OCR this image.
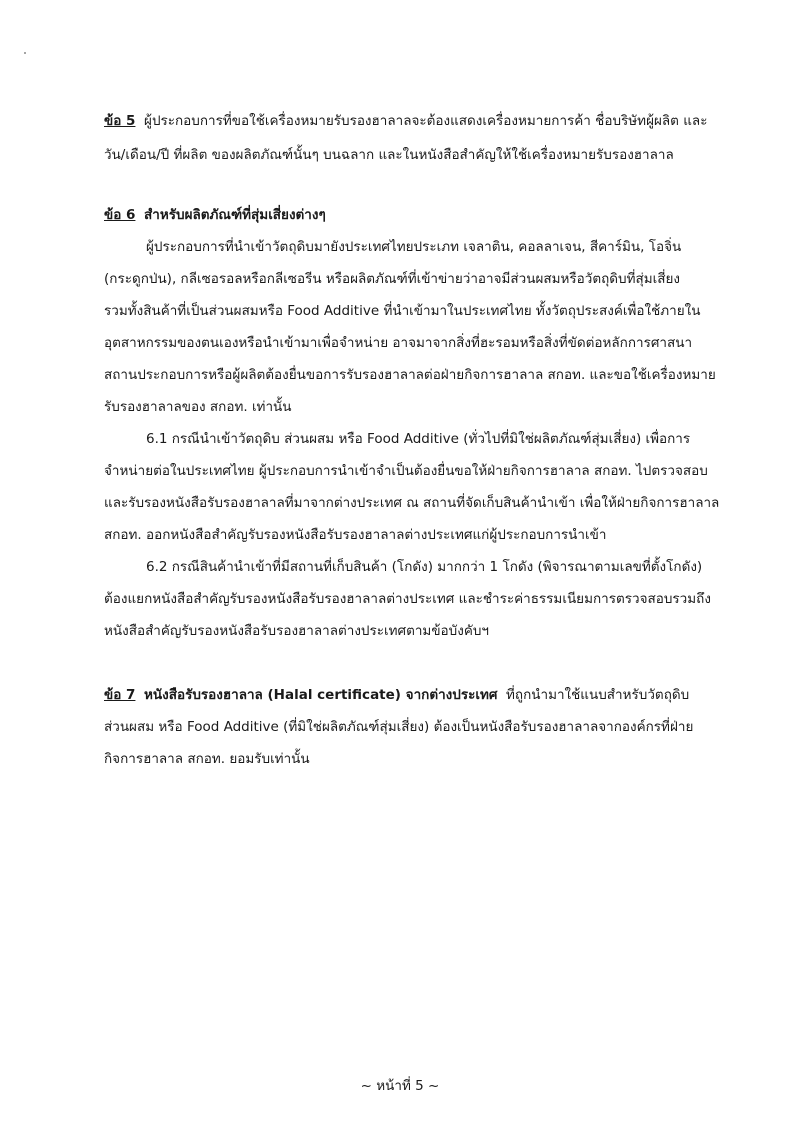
ข้อ 5 ผู้ประกอบการที่ขอใช้เครื่องหมายรับรองฮาลาลจะต้องแสดงเครื่องหมายการค้า ชื่อบริษัทผู้ผลิต และ
วัน/เดือน/ปี ที่ผลิต ของผลิตภัณฑ์นั้นๆ บนฉลาก และในหนังสือสำคัญให้ใช้เครื่องหมายรับรองฮาลาล
ข้อ 6 สำหรับผลิตภัณฑ์ที่สุ่มเสี่ยงต่างๆ
ผู้ประกอบการที่นำเข้าวัตถุดิบมายังประเทศไทยประเภท เจลาติน, คอลลาเจน, สีคาร์มิน, โอจิ่น
(กระดูกป่น), กลีเซอรอลหรือกลีเซอรีน หรือผลิตภัณฑ์ที่เข้าข่ายว่าอาจมีส่วนผสมหรือวัตถุดิบที่สุ่มเสี่ยง
รวมทั้งสินค้าที่เป็นส่วนผสมหรือ Food Additive ที่นำเข้ามาในประเทศไทย ทั้งวัตถุประสงค์เพื่อใช้ภายใน
อุตสาหกรรมของตนเองหรือนำเข้ามาเพื่อจำหน่าย อาจมาจากสิ่งที่ฮะรอมหรือสิ่งที่ขัดต่อหลักการศาสนา
สถานประกอบการหรือผู้ผลิตต้องยื่นขอการรับรองฮาลาลต่อฝ่ายกิจการฮาลาล สกอท. และขอใช้เครื่องหมาย
รับรองฮาลาลของ สกอท. เท่านั้น
6.1 กรณีนำเข้าวัตถุดิบ ส่วนผสม หรือ Food Additive (ทั่วไปที่มิใช่ผลิตภัณฑ์สุ่มเสี่ยง) เพื่อการ
จำหน่ายต่อในประเทศไทย ผู้ประกอบการนำเข้าจำเป็นต้องยื่นขอให้ฝ่ายกิจการฮาลาล สกอท. ไปตรวจสอบ
และรับรองหนังสือรับรองฮาลาลที่มาจากต่างประเทศ ณ สถานที่จัดเก็บสินค้านำเข้า เพื่อให้ฝ่ายกิจการฮาลาล
สกอท. ออกหนังสือสำคัญรับรองหนังสือรับรองฮาลาลต่างประเทศแก่ผู้ประกอบการนำเข้า
6.2 กรณีสินค้านำเข้าที่มีสถานที่เก็บสินค้า (โกดัง) มากกว่า 1 โกดัง (พิจารณาตามเลขที่ตั้งโกดัง)
ต้องแยกหนังสือสำคัญรับรองหนังสือรับรองฮาลาลต่างประเทศ และชำระค่าธรรมเนียมการตรวจสอบรวมถึง
หนังสือสำคัญรับรองหนังสือรับรองฮาลาลต่างประเทศตามข้อบังคับฯ
ข้อ 7 หนังสือรับรองฮาลาล (Halal certificate) จากต่างประเทศ ที่ถูกนำมาใช้แนบสำหรับวัตถุดิบ
ส่วนผสม หรือ Food Additive (ที่มิใช่ผลิตภัณฑ์สุ่มเสี่ยง) ต้องเป็นหนังสือรับรองฮาลาลจากองค์กรที่ฝ่าย
กิจการฮาลาล สกอท. ยอมรับเท่านั้น
~ หน้าที่ 5 ~
